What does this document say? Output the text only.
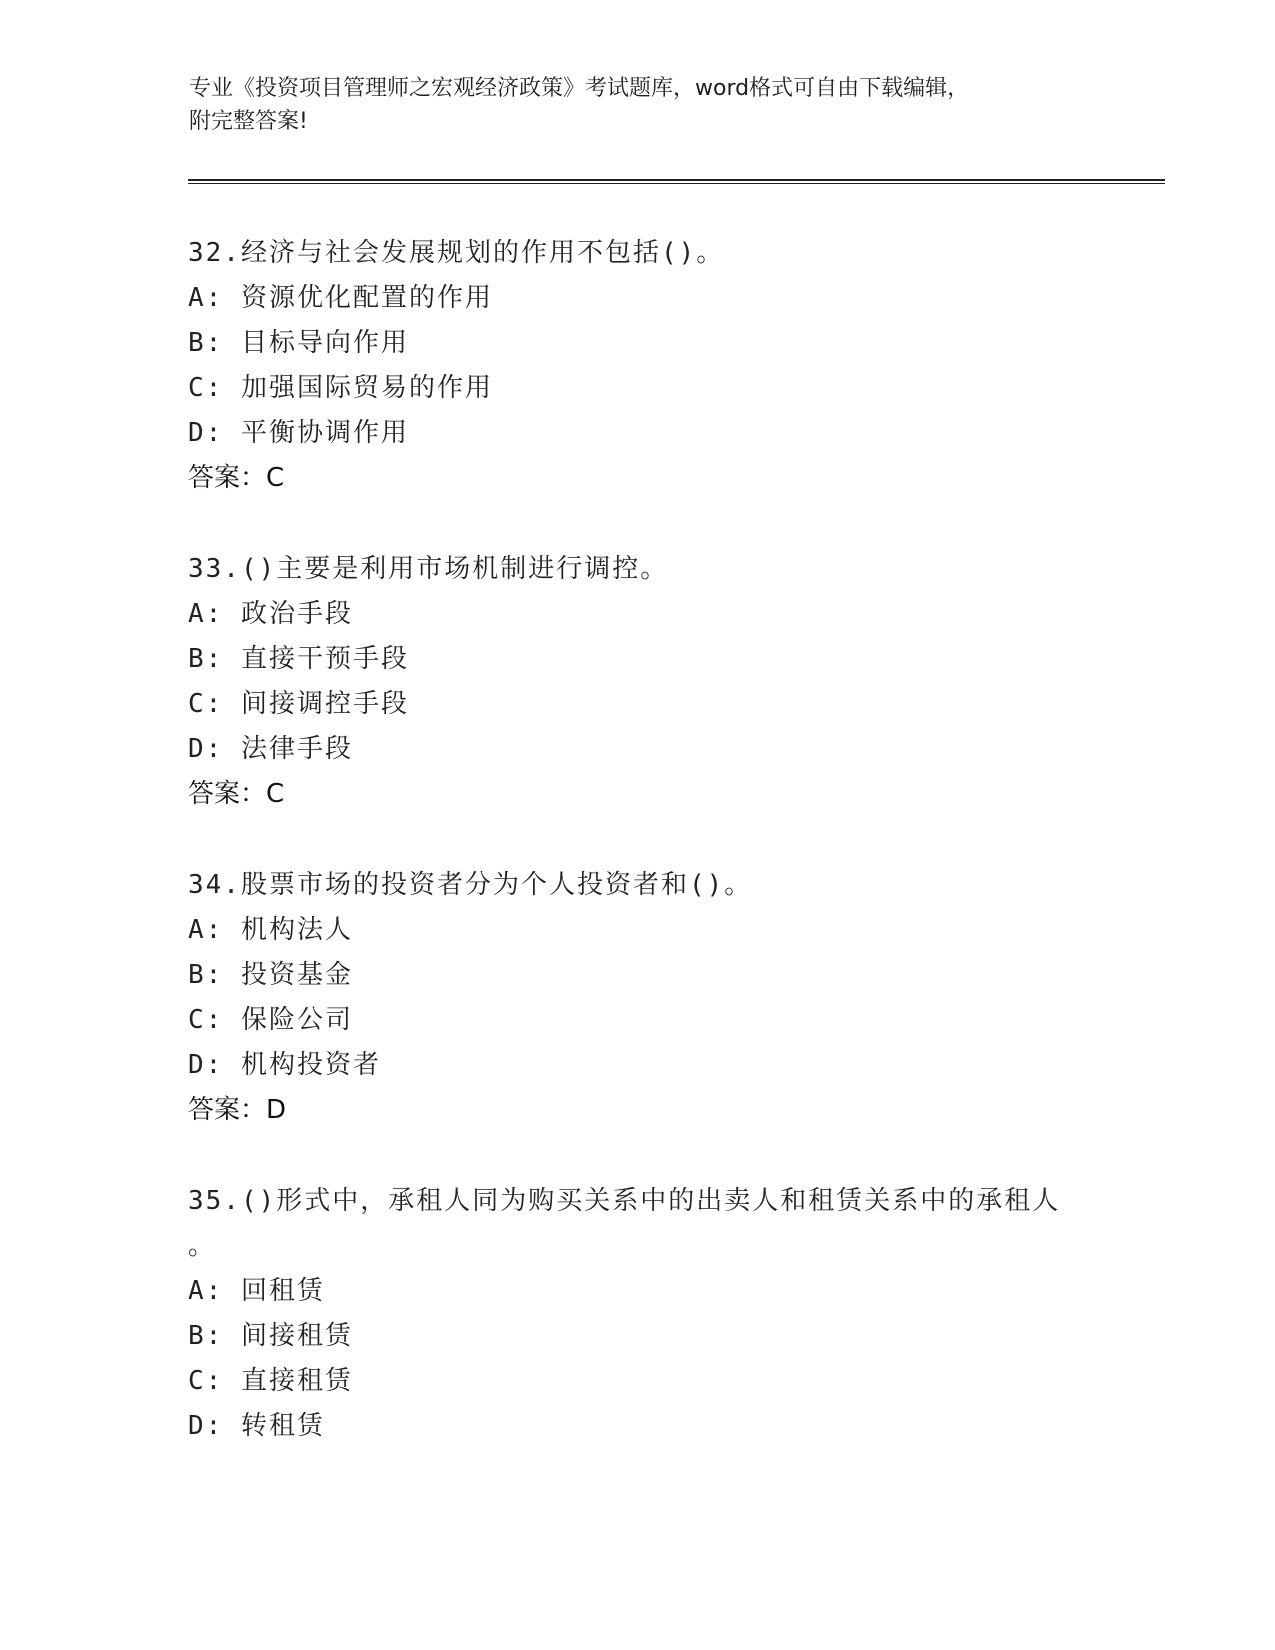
专业《投资项目管理师之宏观经济政策》考试题库，word格式可自由下载编辑，
附完整答案!
32.经济与社会发展规划的作用不包括()。
A: 资源优化配置的作用
B: 目标导向作用
C: 加强国际贸易的作用
D: 平衡协调作用
答案：C
33.()主要是利用市场机制进行调控。
A: 政治手段
B: 直接干预手段
C: 间接调控手段
D: 法律手段
答案：C
34.股票市场的投资者分为个人投资者和()。
A: 机构法人
B: 投资基金
C: 保险公司
D: 机构投资者
答案：D
35.()形式中，承租人同为购买关系中的出卖人和租赁关系中的承租人
。
A: 回租赁
B: 间接租赁
C: 直接租赁
D: 转租赁
